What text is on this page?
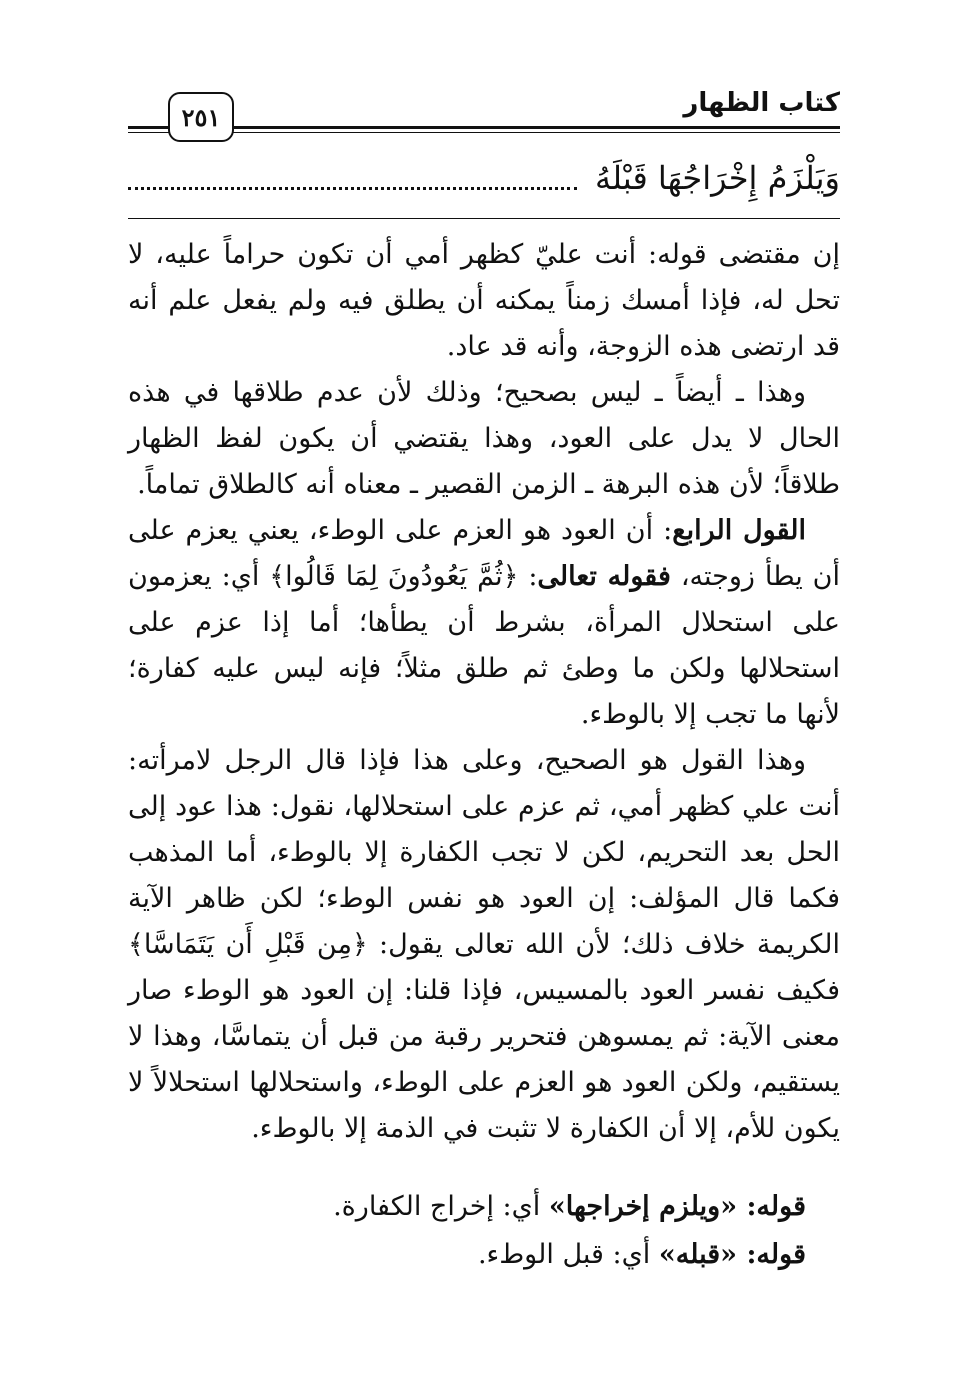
٢٥١	كتاب الظهار
وَيَلْزَمُ إِخْرَاجُهَا قَبْلَهُ

إن مقتضى قوله: أنت عليّ كظهر أمي أن تكون حراماً عليه، لا تحل له، فإذا أمسك زمناً يمكنه أن يطلق فيه ولم يفعل علم أنه قد ارتضى هذه الزوجة، وأنه قد عاد.

وهذا ـ أيضاً ـ ليس بصحيح؛ وذلك لأن عدم طلاقها في هذه الحال لا يدل على العود، وهذا يقتضي أن يكون لفظ الظهار طلاقاً؛ لأن هذه البرهة ـ الزمن القصير ـ معناه أنه كالطلاق تماماً.

القول الرابع: أن العود هو العزم على الوطء، يعني يعزم على أن يطأ زوجته، فقوله تعالى: ﴿ثُمَّ يَعُودُونَ لِمَا قَالُوا﴾ أي: يعزمون على استحلال المرأة، بشرط أن يطأها؛ أما إذا عزم على استحلالها ولكن ما وطئ ثم طلق مثلاً؛ فإنه ليس عليه كفارة؛ لأنها ما تجب إلا بالوطء.

وهذا القول هو الصحيح، وعلى هذا فإذا قال الرجل لامرأته: أنت علي كظهر أمي، ثم عزم على استحلالها، نقول: هذا عود إلى الحل بعد التحريم، لكن لا تجب الكفارة إلا بالوطء، أما المذهب فكما قال المؤلف: إن العود هو نفس الوطء؛ لكن ظاهر الآية الكريمة خلاف ذلك؛ لأن الله تعالى يقول: ﴿مِن قَبْلِ أَن يَتَمَاسَّا﴾ فكيف نفسر العود بالمسيس، فإذا قلنا: إن العود هو الوطء صار معنى الآية: ثم يمسوهن فتحرير رقبة من قبل أن يتماسَّا، وهذا لا يستقيم، ولكن العود هو العزم على الوطء، واستحلالها استحلالاً لا يكون للأم، إلا أن الكفارة لا تثبت في الذمة إلا بالوطء.

قوله: «ويلزم إخراجها» أي: إخراج الكفارة.
قوله: «قبله» أي: قبل الوطء.
